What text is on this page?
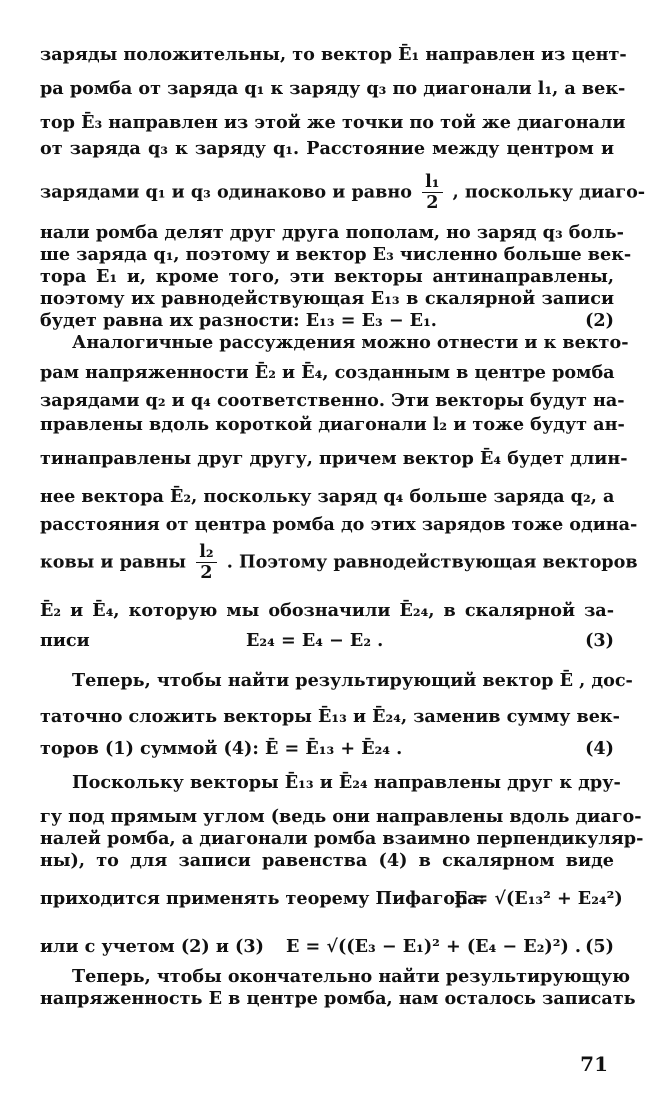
заряды положительны, то вектор Ē₁ направлен из цент-
ра ромба от заряда q₁ к заряду q₃ по диагонали l₁, а век-
тор Ē₃ направлен из этой же точки по той же диагонали
от заряда q₃ к заряду q₁. Расстояние между центром и
зарядами q₁ и q₃ одинаково и равно $\frac{\text{l₁}}{2}$ , поскольку диаго-
нали ромба делят друг друга пополам, но заряд q₃ боль-
ше заряда q₁, поэтому и вектор E₃ численно больше век-
тора E₁ и, кроме того, эти векторы антинаправлены,
поэтому их равнодействующая E₁₃ в скалярной записи
будет равна их разности: E₁₃ = E₃ − E₁.	(2)
Аналогичные рассуждения можно отнести и к векто-
рам напряженности Ē₂ и Ē₄, созданным в центре ромба
зарядами q₂ и q₄ соответственно. Эти векторы будут на-
правлены вдоль короткой диагонали l₂ и тоже будут ан-
тинаправлены друг другу, причем вектор Ē₄ будет длин-
нее вектора Ē₂, поскольку заряд q₄ больше заряда q₂, а
расстояния от центра ромба до этих зарядов тоже одина-
ковы и равны $\frac{\text{l₂}}{2}$ . Поэтому равнодействующая векторов
Ē₂ и Ē₄, которую мы обозначили Ē₂₄, в скалярной за-
писи	E₂₄ = E₄ − E₂ .	(3)
Теперь, чтобы найти результирующий вектор Ē , дос-
таточно сложить векторы Ē₁₃ и Ē₂₄, заменив сумму век-
торов (1) суммой (4): Ē = Ē₁₃ + Ē₂₄ .	(4)
Поскольку векторы Ē₁₃ и Ē₂₄ направлены друг к дру-
гу под прямым углом (ведь они направлены вдоль диаго-
налей ромба, а диагонали ромба взаимно перпендикуляр-
ны), то для записи равенства (4) в скалярном виде
приходится применять теорему Пифагора:
E = √(E₁₃² + E₂₄²)
или с учетом (2) и (3)	E = √((E₃ − E₁)² + (E₄ − E₂)²) . (5)
Теперь, чтобы окончательно найти результирующую
напряженность E в центре ромба, нам осталось записать
71
